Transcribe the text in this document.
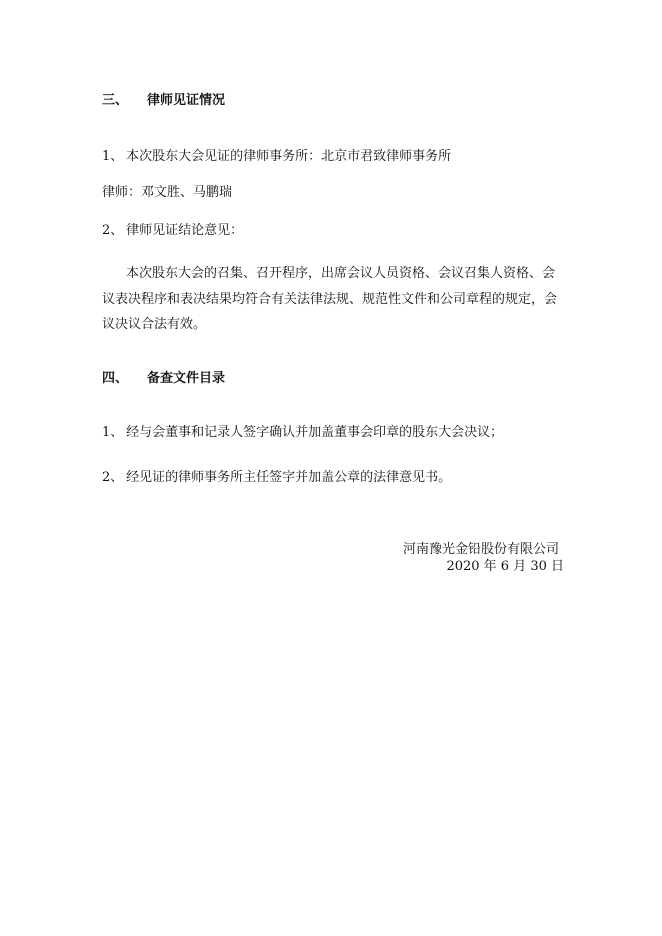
三、 律师见证情况
1、 本次股东大会见证的律师事务所：北京市君致律师事务所
律师：邓文胜、马鹏瑞
2、 律师见证结论意见：
本次股东大会的召集、召开程序，出席会议人员资格、会议召集人资格、会
议表决程序和表决结果均符合有关法律法规、规范性文件和公司章程的规定，会
议决议合法有效。
四、 备查文件目录
1、 经与会董事和记录人签字确认并加盖董事会印章的股东大会决议；
2、 经见证的律师事务所主任签字并加盖公章的法律意见书。
河南豫光金铅股份有限公司
2020 年 6 月 30 日
